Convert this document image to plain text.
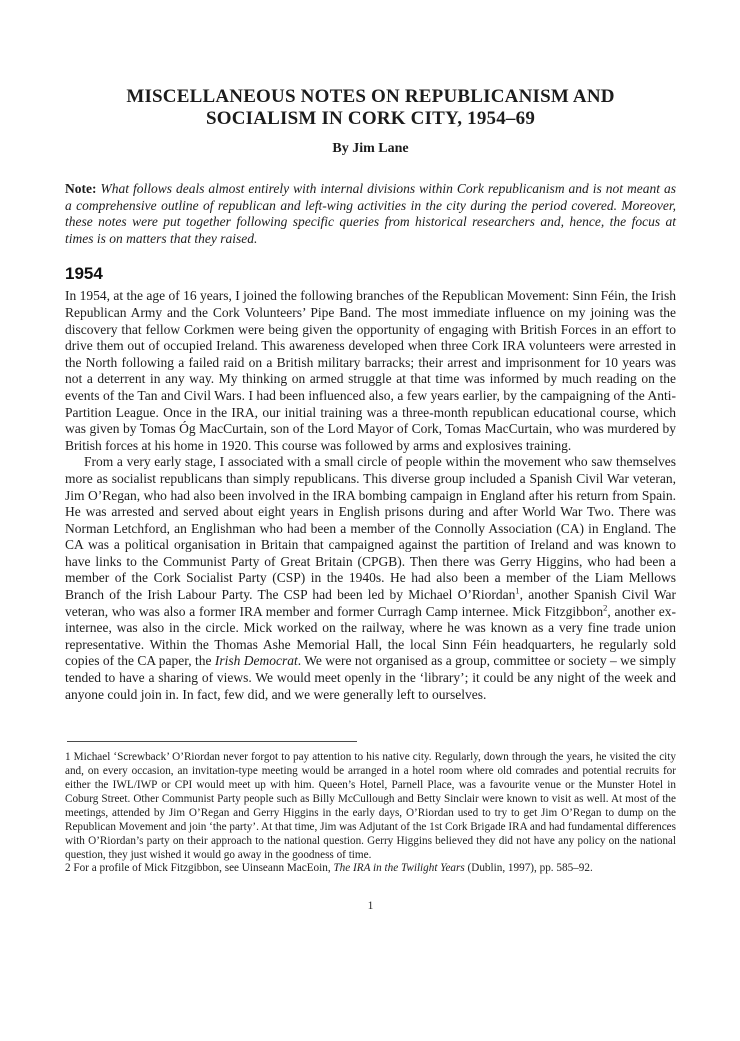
MISCELLANEOUS NOTES ON REPUBLICANISM AND
SOCIALISM IN CORK CITY, 1954–69
By Jim Lane

Note: What follows deals almost entirely with internal divisions within Cork republicanism and is not meant as a comprehensive outline of republican and left-wing activities in the city during the period covered. Moreover, these notes were put together following specific queries from historical researchers and, hence, the focus at times is on matters that they raised.

1954

In 1954, at the age of 16 years, I joined the following branches of the Republican Movement: Sinn Féin, the Irish Republican Army and the Cork Volunteers’ Pipe Band. The most immediate influence on my joining was the discovery that fellow Corkmen were being given the opportunity of engaging with British Forces in an effort to drive them out of occupied Ireland. This awareness developed when three Cork IRA volunteers were arrested in the North following a failed raid on a British military barracks; their arrest and imprisonment for 10 years was not a deterrent in any way. My thinking on armed struggle at that time was informed by much reading on the events of the Tan and Civil Wars. I had been influenced also, a few years earlier, by the campaigning of the Anti-Partition League. Once in the IRA, our initial training was a three-month republican educational course, which was given by Tomas Óg MacCurtain, son of the Lord Mayor of Cork, Tomas MacCurtain, who was murdered by British forces at his home in 1920. This course was followed by arms and explosives training.

From a very early stage, I associated with a small circle of people within the movement who saw themselves more as socialist republicans than simply republicans. This diverse group included a Spanish Civil War veteran, Jim O’Regan, who had also been involved in the IRA bombing campaign in England after his return from Spain. He was arrested and served about eight years in English prisons during and after World War Two. There was Norman Letchford, an Englishman who had been a member of the Connolly Association (CA) in England. The CA was a political organisation in Britain that campaigned against the partition of Ireland and was known to have links to the Communist Party of Great Britain (CPGB). Then there was Gerry Higgins, who had been a member of the Cork Socialist Party (CSP) in the 1940s. He had also been a member of the Liam Mellows Branch of the Irish Labour Party. The CSP had been led by Michael O’Riordan$^1$, another Spanish Civil War veteran, who was also a former IRA member and former Curragh Camp internee. Mick Fitzgibbon$^2$, another ex-internee, was also in the circle. Mick worked on the railway, where he was known as a very fine trade union representative. Within the Thomas Ashe Memorial Hall, the local Sinn Féin headquarters, he regularly sold copies of the CA paper, the Irish Democrat. We were not organised as a group, committee or society – we simply tended to have a sharing of views. We would meet openly in the ‘library’; it could be any night of the week and anyone could join in. In fact, few did, and we were generally left to ourselves.

1 Michael ‘Screwback’ O’Riordan never forgot to pay attention to his native city. Regularly, down through the years, he visited the city and, on every occasion, an invitation-type meeting would be arranged in a hotel room where old comrades and potential recruits for either the IWL/IWP or CPI would meet up with him. Queen’s Hotel, Parnell Place, was a favourite venue or the Munster Hotel in Coburg Street. Other Communist Party people such as Billy McCullough and Betty Sinclair were known to visit as well. At most of the meetings, attended by Jim O’Regan and Gerry Higgins in the early days, O’Riordan used to try to get Jim O’Regan to dump on the Republican Movement and join ‘the party’. At that time, Jim was Adjutant of the 1st Cork Brigade IRA and had fundamental differences with O’Riordan’s party on their approach to the national question. Gerry Higgins believed they did not have any policy on the national question, they just wished it would go away in the goodness of time.

2 For a profile of Mick Fitzgibbon, see Uinseann MacEoin, The IRA in the Twilight Years (Dublin, 1997), pp. 585–92.

1
